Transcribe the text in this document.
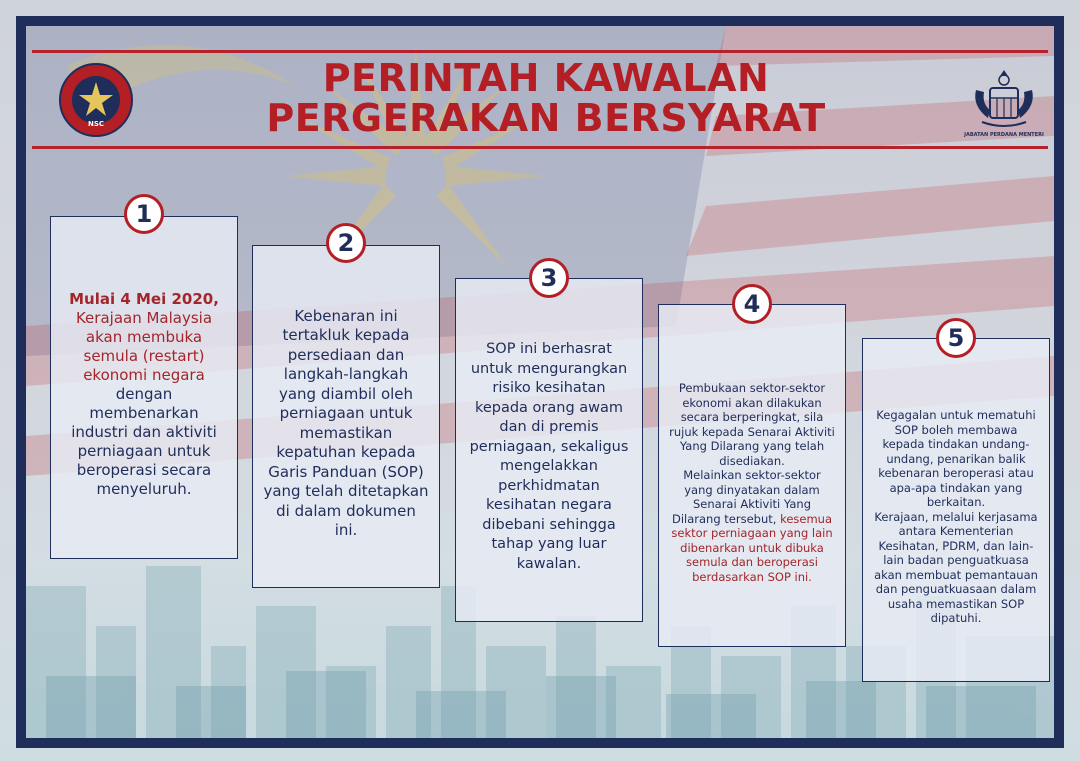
NSC
JABATAN PERDANA MENTERI
PERINTAH KAWALAN
PERGERAKAN BERSYARAT

Mulai 4 Mei 2020,
Kerajaan Malaysia akan membuka semula (restart) ekonomi negara dengan membenarkan industri dan aktiviti perniagaan untuk beroperasi secara menyeluruh.

1

Kebenaran ini tertakluk kepada persediaan dan langkah-langkah yang diambil oleh perniagaan untuk memastikan kepatuhan kepada Garis Panduan (SOP) yang telah ditetapkan di dalam dokumen ini.

2

SOP ini berhasrat untuk mengurangkan risiko kesihatan kepada orang awam dan di premis perniagaan, sekaligus mengelakkan perkhidmatan kesihatan negara dibebani sehingga tahap yang luar kawalan.

3

Pembukaan sektor-sektor ekonomi akan dilakukan secara berperingkat, sila rujuk kepada Senarai Aktiviti Yang Dilarang yang telah disediakan.
Melainkan sektor-sektor yang dinyatakan dalam Senarai Aktiviti Yang Dilarang tersebut, kesemua sektor perniagaan yang lain dibenarkan untuk dibuka semula dan beroperasi berdasarkan SOP ini.

4

Kegagalan untuk mematuhi SOP boleh membawa kepada tindakan undang-undang, penarikan balik kebenaran beroperasi atau apa-apa tindakan yang berkaitan.
Kerajaan, melalui kerjasama antara Kementerian Kesihatan, PDRM, dan lain-lain badan penguatkuasa akan membuat pemantauan dan penguatkuasaan dalam usaha memastikan SOP dipatuhi.

5
